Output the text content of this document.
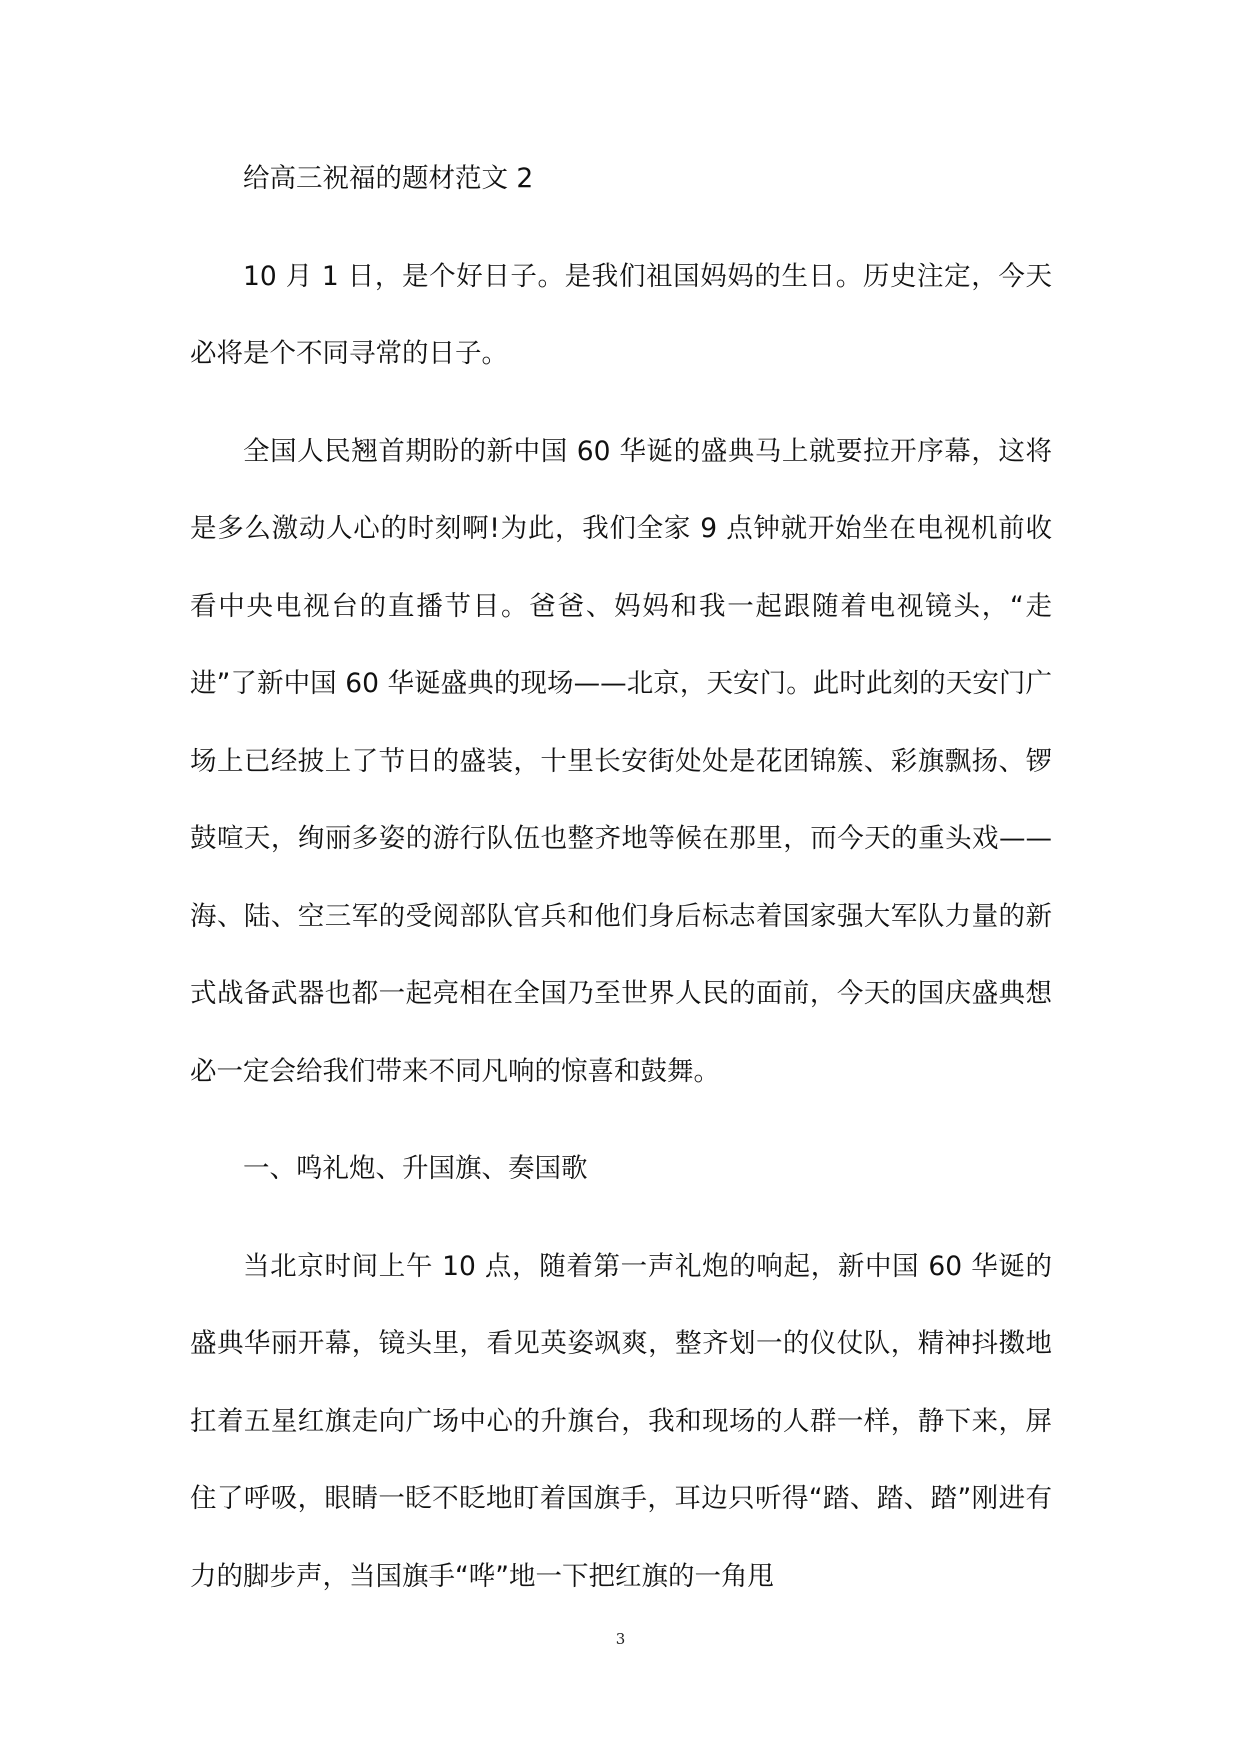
给高三祝福的题材范文 2

10 月 1 日，是个好日子。是我们祖国妈妈的生日。历史注定，今天必将是个不同寻常的日子。

全国人民翘首期盼的新中国 60 华诞的盛典马上就要拉开序幕，这将是多么激动人心的时刻啊!为此，我们全家 9 点钟就开始坐在电视机前收看中央电视台的直播节目。爸爸、妈妈和我一起跟随着电视镜头，“走进”了新中国 60 华诞盛典的现场——北京，天安门。此时此刻的天安门广场上已经披上了节日的盛装，十里长安街处处是花团锦簇、彩旗飘扬、锣鼓喧天，绚丽多姿的游行队伍也整齐地等候在那里，而今天的重头戏——海、陆、空三军的受阅部队官兵和他们身后标志着国家强大军队力量的新式战备武器也都一起亮相在全国乃至世界人民的面前，今天的国庆盛典想必一定会给我们带来不同凡响的惊喜和鼓舞。

一、鸣礼炮、升国旗、奏国歌

当北京时间上午 10 点，随着第一声礼炮的响起，新中国 60 华诞的盛典华丽开幕，镜头里，看见英姿飒爽，整齐划一的仪仗队，精神抖擞地扛着五星红旗走向广场中心的升旗台，我和现场的人群一样，静下来，屏住了呼吸，眼睛一眨不眨地盯着国旗手，耳边只听得“踏、踏、踏”刚进有力的脚步声，当国旗手“哗”地一下把红旗的一角甩

3
